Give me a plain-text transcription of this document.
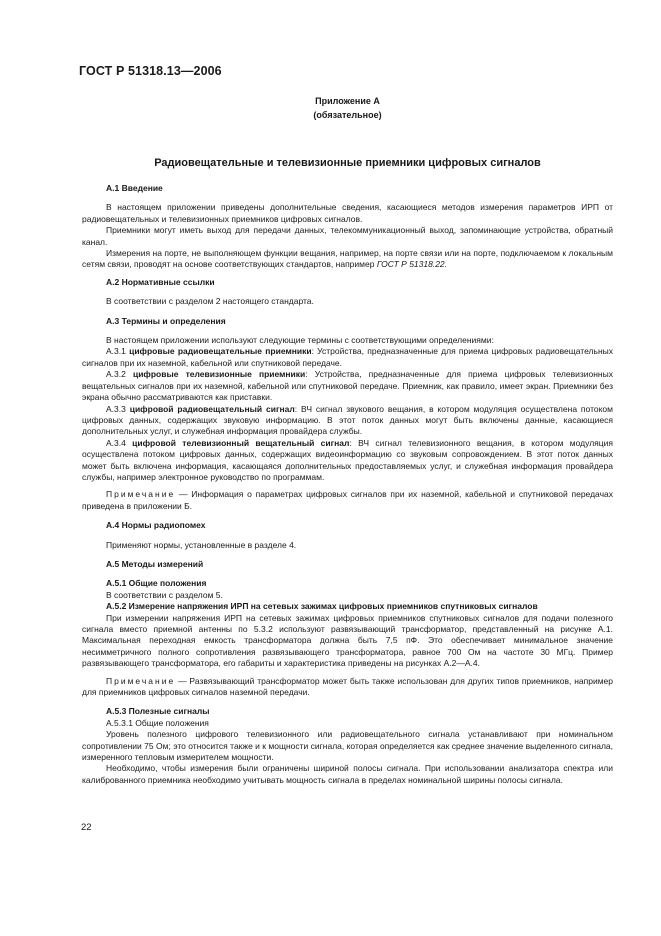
ГОСТ Р 51318.13—2006
Приложение А
(обязательное)
Радиовещательные и телевизионные приемники цифровых сигналов

А.1 Введение

В настоящем приложении приведены дополнительные сведения, касающиеся методов измерения параметров ИРП от радиовещательных и телевизионных приемников цифровых сигналов.

Приемники могут иметь выход для передачи данных, телекоммуникационный выход, запоминающие устройства, обратный канал.

Измерения на порте, не выполняющем функции вещания, например, на порте связи или на порте, подключаемом к локальным сетям связи, проводят на основе соответствующих стандартов, например ГОСТ Р 51318.22.

А.2 Нормативные ссылки

В соответствии с разделом 2 настоящего стандарта.

А.3 Термины и определения

В настоящем приложении используют следующие термины с соответствующими определениями:

А.3.1 цифровые радиовещательные приемники: Устройства, предназначенные для приема цифровых радиовещательных сигналов при их наземной, кабельной или спутниковой передаче.

А.3.2 цифровые телевизионные приемники: Устройства, предназначенные для приема цифровых телевизионных вещательных сигналов при их наземной, кабельной или спутниковой передаче. Приемник, как правило, имеет экран. Приемники без экрана обычно рассматриваются как приставки.

А.3.3 цифровой радиовещательный сигнал: ВЧ сигнал звукового вещания, в котором модуляция осуществлена потоком цифровых данных, содержащих звуковую информацию. В этот поток данных могут быть включены данные, касающиеся дополнительных услуг, и служебная информация провайдера службы.

А.3.4 цифровой телевизионный вещательный сигнал: ВЧ сигнал телевизионного вещания, в котором модуляция осуществлена потоком цифровых данных, содержащих видеоинформацию со звуковым сопровождением. В этот поток данных может быть включена информация, касающаяся дополнительных предоставляемых услуг, и служебная информация провайдера службы, например электронное руководство по программам.

Примечание — Информация о параметрах цифровых сигналов при их наземной, кабельной и спутниковой передачах приведена в приложении Б.

А.4 Нормы радиопомех

Применяют нормы, установленные в разделе 4.

А.5 Методы измерений

А.5.1 Общие положения

В соответствии с разделом 5.

А.5.2 Измерение напряжения ИРП на сетевых зажимах цифровых приемников спутниковых сигналов

При измерении напряжения ИРП на сетевых зажимах цифровых приемников спутниковых сигналов для подачи полезного сигнала вместо приемной антенны по 5.3.2 используют развязывающий трансформатор, представленный на рисунке А.1. Максимальная переходная емкость трансформатора должна быть 7,5 пФ. Это обеспечивает минимальное значение несимметричного полного сопротивления развязывающего трансформатора, равное 700 Ом на частоте 30 МГц. Пример развязывающего трансформатора, его габариты и характеристика приведены на рисунках А.2—А.4.

Примечание — Развязывающий трансформатор может быть также использован для других типов приемников, например для приемников цифровых сигналов наземной передачи.

А.5.3 Полезные сигналы

А.5.3.1 Общие положения

Уровень полезного цифрового телевизионного или радиовещательного сигнала устанавливают при номинальном сопротивлении 75 Ом; это относится также и к мощности сигнала, которая определяется как среднее значение выделенного сигнала, измеренного тепловым измерителем мощности.

Необходимо, чтобы измерения были ограничены шириной полосы сигнала. При использовании анализатора спектра или калиброванного приемника необходимо учитывать мощность сигнала в пределах номинальной ширины полосы сигнала.

22
